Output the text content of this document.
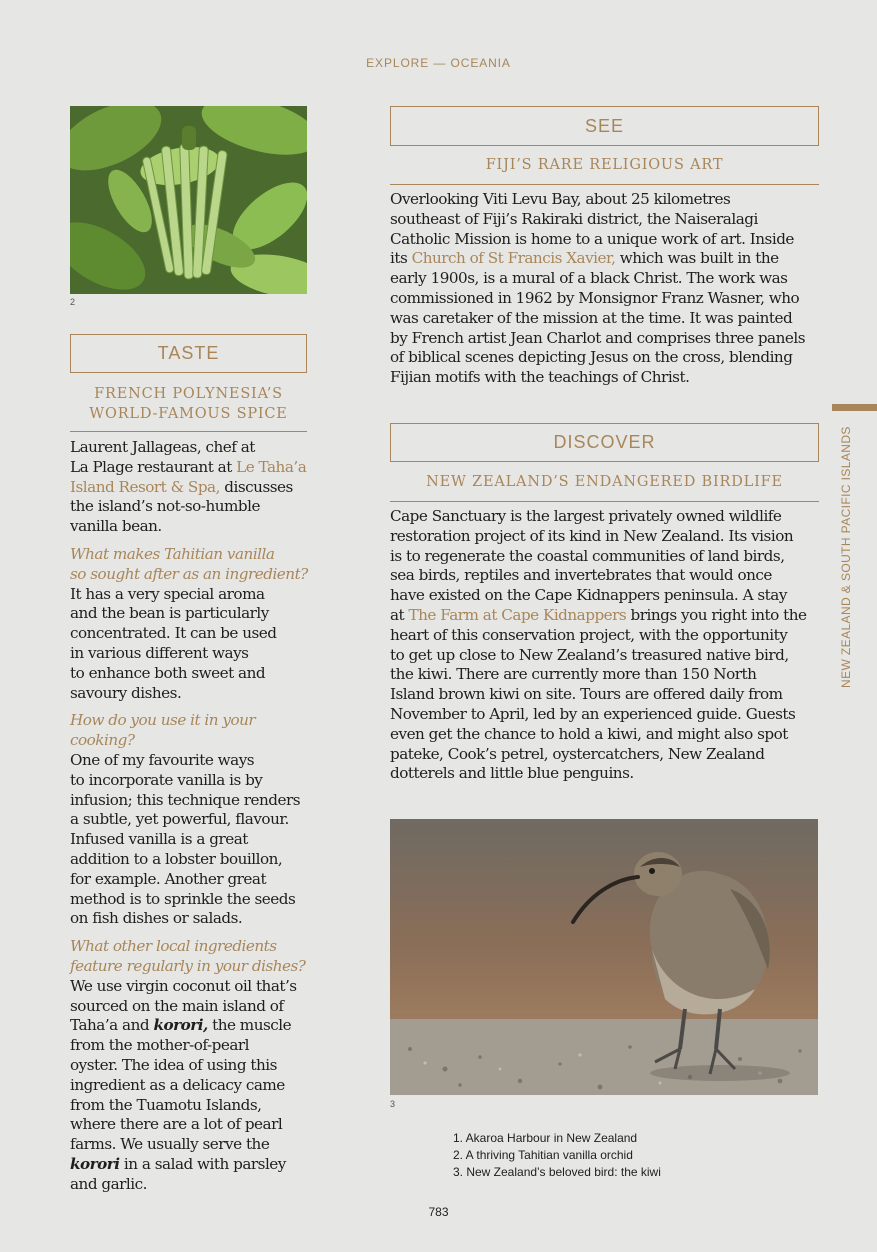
EXPLORE — OCEANIA
NEW ZEALAND & SOUTH PACIFIC ISLANDS
2
TASTE
FRENCH POLYNESIA’S
WORLD-FAMOUS SPICE

Laurent Jallageas, chef at
La Plage restaurant at Le Taha’a
Island Resort & Spa, discusses
the island’s not-so-humble
vanilla bean.

What makes Tahitian vanilla
so sought after as an ingredient?

It has a very special aroma
and the bean is particularly
concentrated. It can be used
in various different ways
to enhance both sweet and
savoury dishes.

How do you use it in your cooking?

One of my favourite ways
to incorporate vanilla is by
infusion; this technique renders
a subtle, yet powerful, flavour.
Infused vanilla is a great
addition to a lobster bouillon,
for example. Another great
method is to sprinkle the seeds
on fish dishes or salads.

What other local ingredients
feature regularly in your dishes?

We use virgin coconut oil that’s
sourced on the main island of
Taha’a and korori, the muscle
from the mother-of-pearl
oyster. The idea of using this
ingredient as a delicacy came
from the Tuamotu Islands,
where there are a lot of pearl
farms. We usually serve the
korori in a salad with parsley
and garlic.

SEE
FIJI’S RARE RELIGIOUS ART
Overlooking Viti Levu Bay, about 25 kilometres
southeast of Fiji’s Rakiraki district, the Naiseralagi
Catholic Mission is home to a unique work of art. Inside
its Church of St Francis Xavier, which was built in the
early 1900s, is a mural of a black Christ. The work was
commissioned in 1962 by Monsignor Franz Wasner, who
was caretaker of the mission at the time. It was painted
by French artist Jean Charlot and comprises three panels
of biblical scenes depicting Jesus on the cross, blending
Fijian motifs with the teachings of Christ.
DISCOVER
NEW ZEALAND’S ENDANGERED BIRDLIFE
Cape Sanctuary is the largest privately owned wildlife
restoration project of its kind in New Zealand. Its vision
is to regenerate the coastal communities of land birds,
sea birds, reptiles and invertebrates that would once
have existed on the Cape Kidnappers peninsula. A stay
at The Farm at Cape Kidnappers brings you right into the
heart of this conservation project, with the opportunity
to get up close to New Zealand’s treasured native bird,
the kiwi. There are currently more than 150 North
Island brown kiwi on site. Tours are offered daily from
November to April, led by an experienced guide. Guests
even get the chance to hold a kiwi, and might also spot
pateke, Cook’s petrel, oystercatchers, New Zealand
dotterels and little blue penguins.
3
1. Akaroa Harbour in New Zealand
2. A thriving Tahitian vanilla orchid
3. New Zealand’s beloved bird: the kiwi
783
